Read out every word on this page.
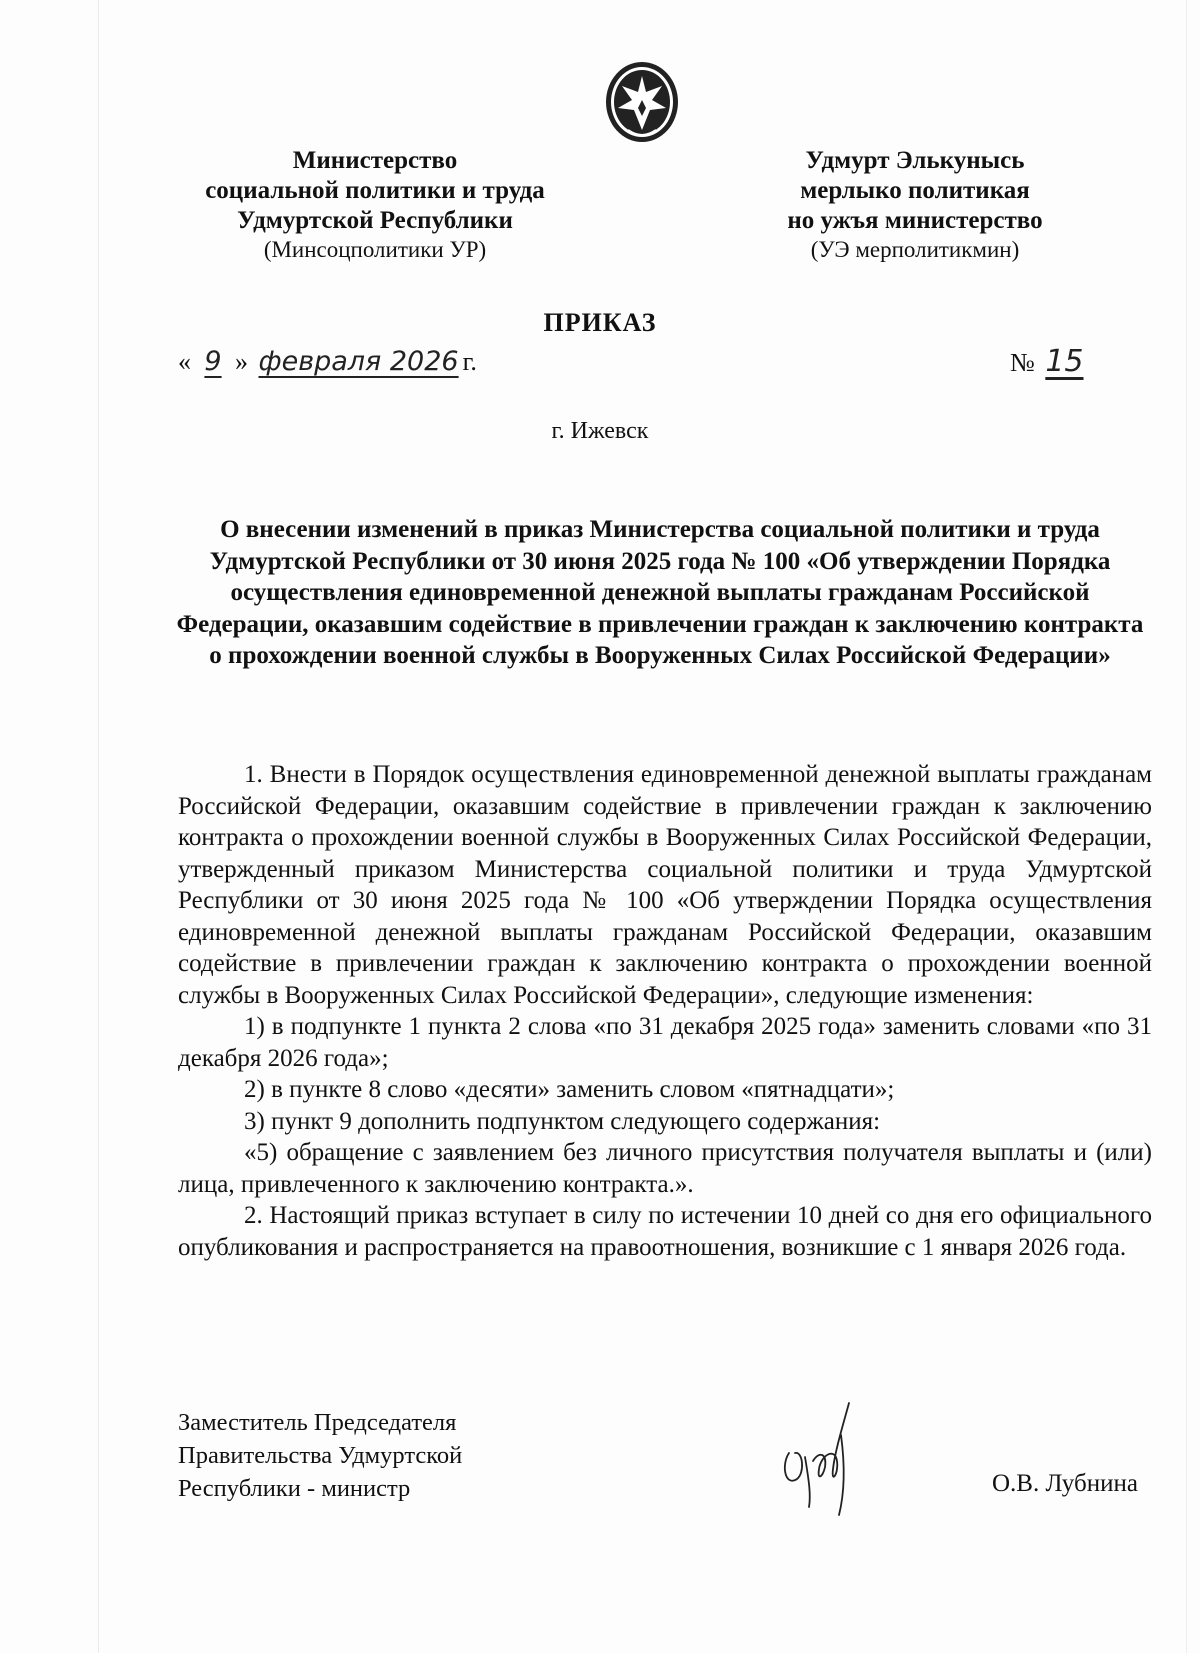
Министерство
социальной политики и труда
Удмуртской Республики
(Минсоцполитики УР)
Удмурт Элькунысь
мерлыко политикая
но ужъя министерство
(УЭ мерполитикмин)
ПРИКАЗ
« 9 » февраля 2026 г.	№ 15
г. Ижевск
О внесении изменений в приказ Министерства социальной политики и труда Удмуртской Республики от 30 июня 2025 года № 100 «Об утверждении Порядка осуществления единовременной денежной выплаты гражданам Российской Федерации, оказавшим содействие в привлечении граждан к заключению контракта о прохождении военной службы в Вооруженных Силах Российской Федерации»

1. Внести в Порядок осуществления единовременной денежной выплаты гражданам Российской Федерации, оказавшим содействие в привлечении граждан к заключению контракта о прохождении военной службы в Вооруженных Силах Российской Федерации, утвержденный приказом Министерства социальной политики и труда Удмуртской Республики от 30 июня 2025 года № 100 «Об утверждении Порядка осуществления единовременной денежной выплаты гражданам Российской Федерации, оказавшим содействие в привлечении граждан к заключению контракта о прохождении военной службы в Вооруженных Силах Российской Федерации», следующие изменения:

1) в подпункте 1 пункта 2 слова «по 31 декабря 2025 года» заменить словами «по 31 декабря 2026 года»;

2) в пункте 8 слово «десяти» заменить словом «пятнадцати»;

3) пункт 9 дополнить подпунктом следующего содержания:

«5) обращение с заявлением без личного присутствия получателя выплаты и (или) лица, привлеченного к заключению контракта.».

2. Настоящий приказ вступает в силу по истечении 10 дней со дня его официального опубликования и распространяется на правоотношения, возникшие с 1 января 2026 года.

Заместитель Председателя
Правительства Удмуртской
Республики - министр	О.В. Лубнина
